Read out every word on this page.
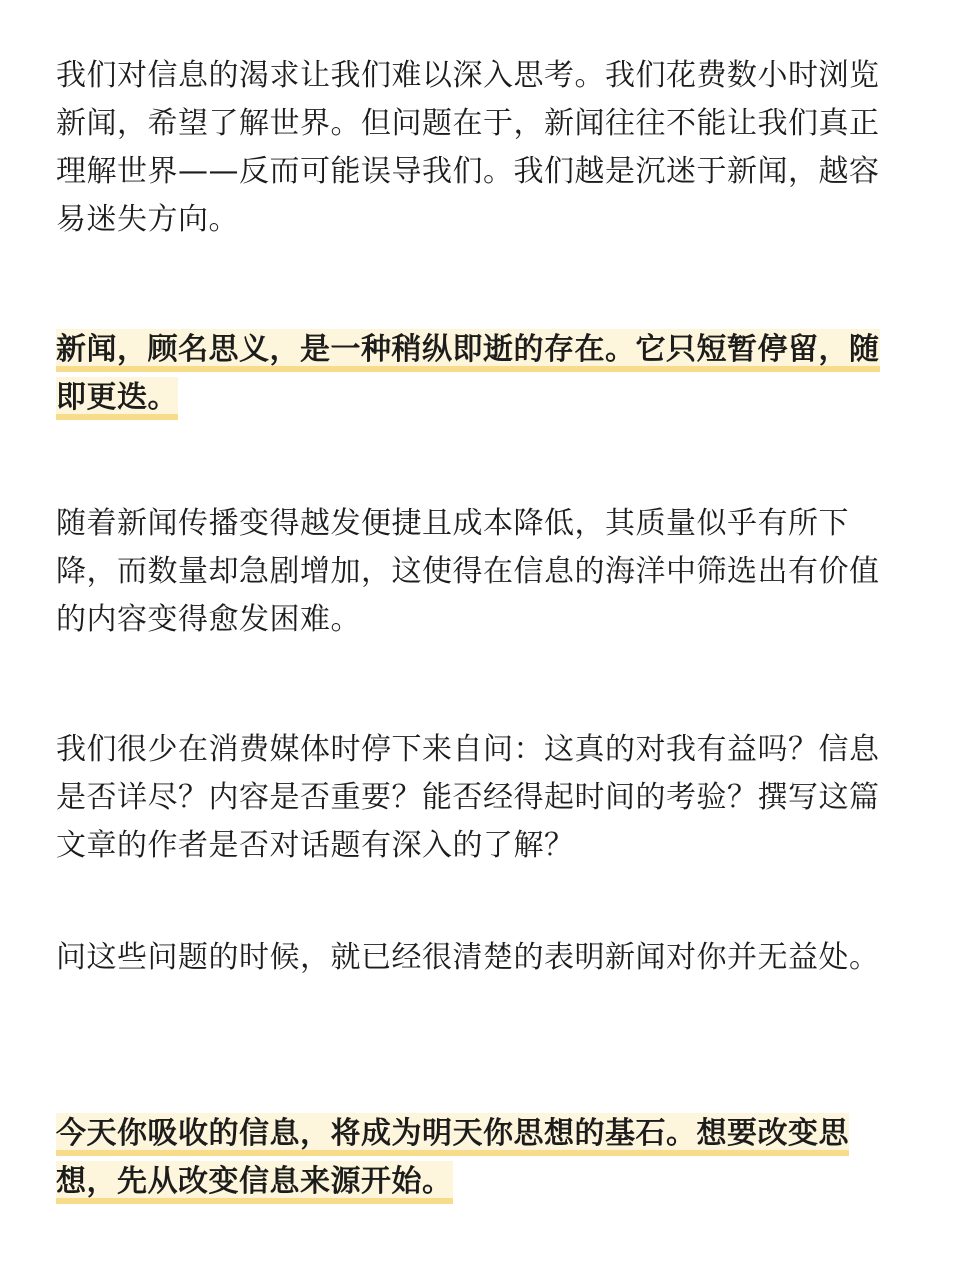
我们对信息的渴求让我们难以深入思考。我们花费数小时浏览新闻，希望了解世界。但问题在于，新闻往往不能让我们真正理解世界——反而可能误导我们。我们越是沉迷于新闻，越容易迷失方向。

新闻，顾名思义，是一种稍纵即逝的存在。它只短暂停留，随即更迭。

随着新闻传播变得越发便捷且成本降低，其质量似乎有所下降，而数量却急剧增加，这使得在信息的海洋中筛选出有价值的内容变得愈发困难。

我们很少在消费媒体时停下来自问：这真的对我有益吗？信息是否详尽？内容是否重要？能否经得起时间的考验？撰写这篇文章的作者是否对话题有深入的了解？

问这些问题的时候，就已经很清楚的表明新闻对你并无益处。

今天你吸收的信息，将成为明天你思想的基石。想要改变思想，先从改变信息来源开始。
